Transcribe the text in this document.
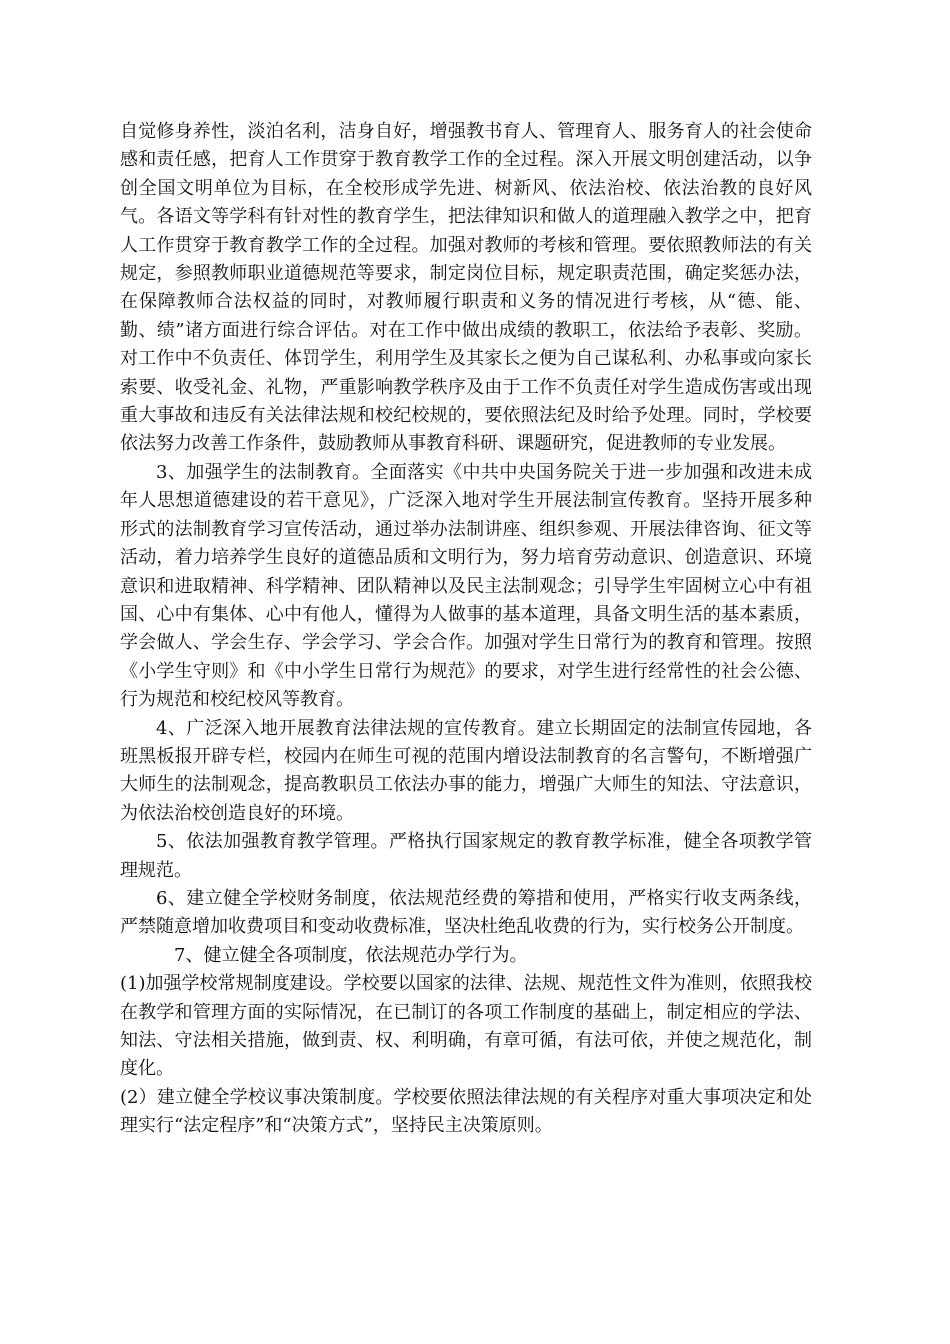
自觉修身养性，淡泊名利，洁身自好，增强教书育人、管理育人、服务育人的社会使命感和责任感，把育人工作贯穿于教育教学工作的全过程。深入开展文明创建活动，以争创全国文明单位为目标，在全校形成学先进、树新风、依法治校、依法治教的良好风气。各语文等学科有针对性的教育学生，把法律知识和做人的道理融入教学之中，把育人工作贯穿于教育教学工作的全过程。加强对教师的考核和管理。要依照教师法的有关规定，参照教师职业道德规范等要求，制定岗位目标，规定职责范围，确定奖惩办法，在保障教师合法权益的同时，对教师履行职责和义务的情况进行考核，从“德、能、勤、绩”诸方面进行综合评估。对在工作中做出成绩的教职工，依法给予表彰、奖励。对工作中不负责任、体罚学生，利用学生及其家长之便为自己谋私利、办私事或向家长索要、收受礼金、礼物，严重影响教学秩序及由于工作不负责任对学生造成伤害或出现重大事故和违反有关法律法规和校纪校规的，要依照法纪及时给予处理。同时，学校要依法努力改善工作条件，鼓励教师从事教育科研、课题研究，促进教师的专业发展。

3、加强学生的法制教育。全面落实《中共中央国务院关于进一步加强和改进未成年人思想道德建设的若干意见》，广泛深入地对学生开展法制宣传教育。坚持开展多种形式的法制教育学习宣传活动，通过举办法制讲座、组织参观、开展法律咨询、征文等活动，着力培养学生良好的道德品质和文明行为，努力培育劳动意识、创造意识、环境意识和进取精神、科学精神、团队精神以及民主法制观念；引导学生牢固树立心中有祖国、心中有集体、心中有他人，懂得为人做事的基本道理，具备文明生活的基本素质，学会做人、学会生存、学会学习、学会合作。加强对学生日常行为的教育和管理。按照《小学生守则》和《中小学生日常行为规范》的要求，对学生进行经常性的社会公德、行为规范和校纪校风等教育。

4、广泛深入地开展教育法律法规的宣传教育。建立长期固定的法制宣传园地，各班黑板报开辟专栏，校园内在师生可视的范围内增设法制教育的名言警句，不断增强广大师生的法制观念，提高教职员工依法办事的能力，增强广大师生的知法、守法意识，为依法治校创造良好的环境。

5、依法加强教育教学管理。严格执行国家规定的教育教学标准，健全各项教学管理规范。

6、建立健全学校财务制度，依法规范经费的筹措和使用，严格实行收支两条线，严禁随意增加收费项目和变动收费标准，坚决杜绝乱收费的行为，实行校务公开制度。

7、健立健全各项制度，依法规范办学行为。

(1)加强学校常规制度建设。学校要以国家的法律、法规、规范性文件为准则，依照我校在教学和管理方面的实际情况，在已制订的各项工作制度的基础上，制定相应的学法、知法、守法相关措施，做到责、权、利明确，有章可循，有法可依，并使之规范化，制度化。

(2）建立健全学校议事决策制度。学校要依照法律法规的有关程序对重大事项决定和处理实行“法定程序”和“决策方式”，坚持民主决策原则。
